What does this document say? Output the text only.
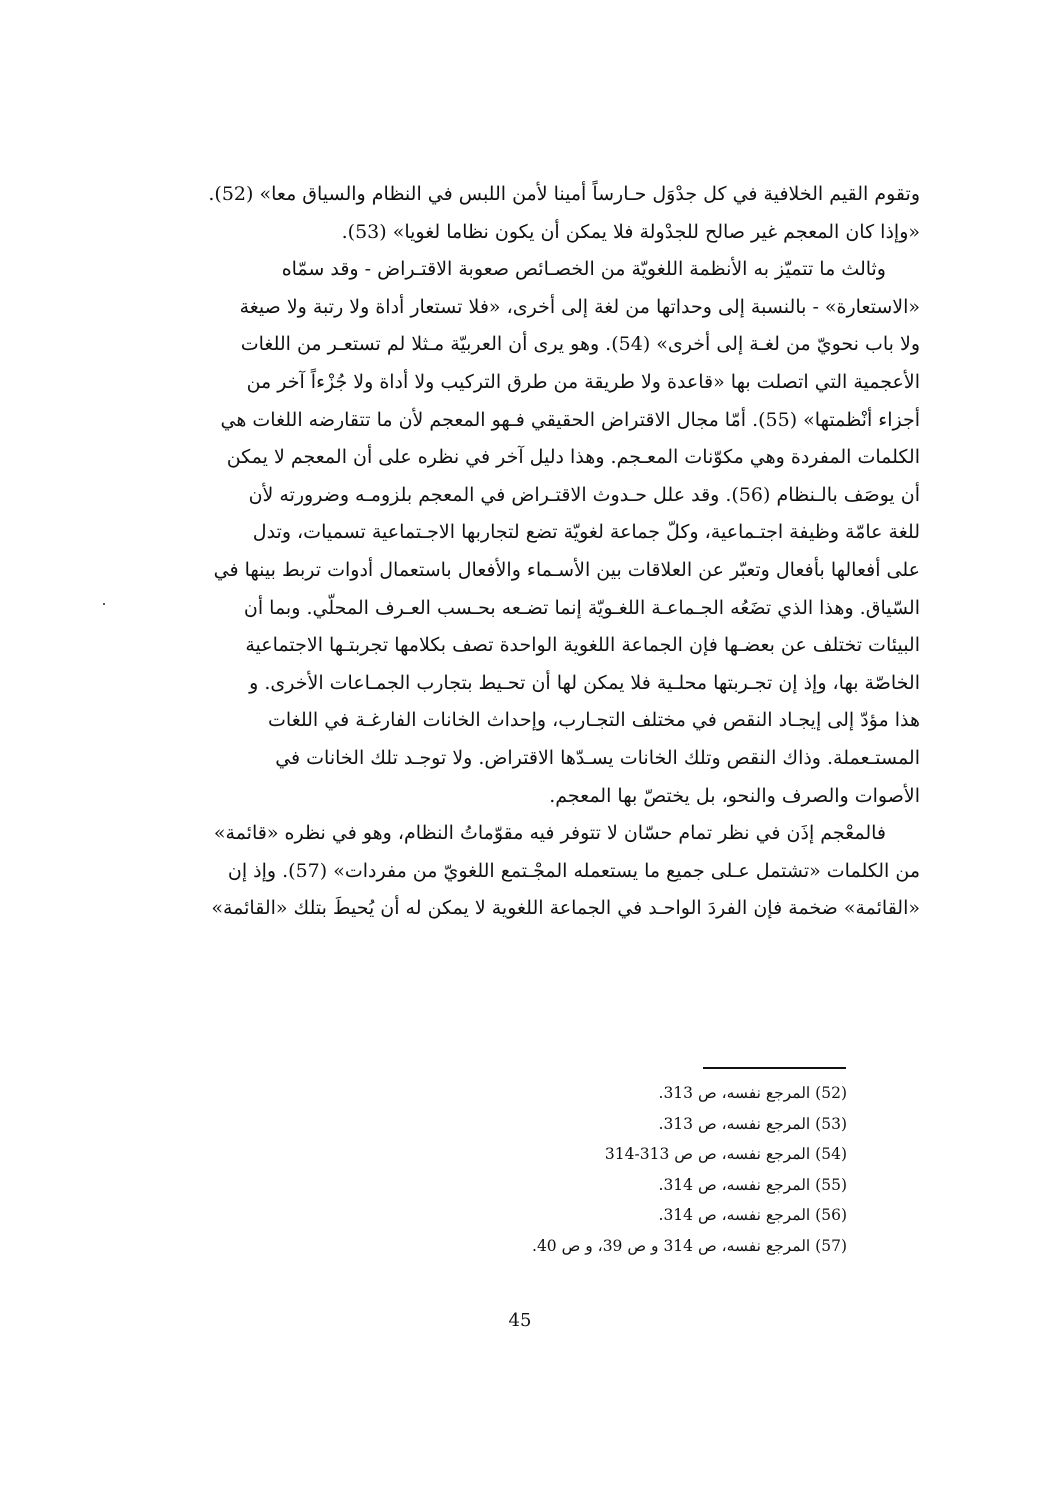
وتقوم القيم الخلافية في كل جدْوَل حـارساً أمينا لأمن اللبس في النظام والسياق معا» (52).
«وإذا كان المعجم غير صالح للجدْولة فلا يمكن أن يكون نظاما لغويا» (53).
وثالث ما تتميّز به الأنظمة اللغويّة من الخصـائص صعوبة الاقتـراض - وقد سمّاه
«الاستعارة» - بالنسبة إلى وحداتها من لغة إلى أخرى، «فلا تستعار أداة ولا رتبة ولا صيغة
ولا باب نحويّ من لغـة إلى أخرى» (54). وهو يرى أن العربيّة مـثلا لم تستعـر من اللغات
الأعجمية التي اتصلت بها «قاعدة ولا طريقة من طرق التركيب ولا أداة ولا جُزْءاً آخر من
أجزاء أنْظمتها» (55). أمّا مجال الاقتراض الحقيقي فـهو المعجم لأن ما تتقارضه اللغات هي
الكلمات المفردة وهي مكوّنات المعـجم. وهذا دليل آخر في نظره على أن المعجم لا يمكن
أن يوصَف بالـنظام (56). وقد علل حـدوث الاقتـراض في المعجم بلزومـه وضرورته لأن
للغة عامّة وظيفة اجتـماعية، وكلّ جماعة لغويّة تضع لتجاربها الاجـتماعية تسميات، وتدل
على أفعالها بأفعال وتعبّر عن العلاقات بين الأسـماء والأفعال باستعمال أدوات تربط بينها في
السّياق. وهذا الذي تضَعُه الجـماعـة اللغـويّة إنما تضـعه بحـسب العـرف المحلّي. وبما أن
البيئات تختلف عن بعضـها فإن الجماعة اللغوية الواحدة تصف بكلامها تجربتـها الاجتماعية
الخاصّة بها، وإذ إن تجـربتها محلـية فلا يمكن لها أن تحـيط بتجارب الجمـاعات الأخرى. و
هذا مؤدّ إلى إيجـاد النقص في مختلف التجـارب، وإحداث الخانات الفارغـة في اللغات
المستـعملة. وذاك النقص وتلك الخانات يسـدّها الاقتراض. ولا توجـد تلك الخانات في
الأصوات والصرف والنحو، بل يختصّ بها المعجم.
فالمعْجم إذَن في نظر تمام حسّان لا تتوفر فيه مقوّماتُ النظام، وهو في نظره «قائمة»
من الكلمات «تشتمل عـلى جميع ما يستعمله المجْـتمع اللغويّ من مفردات» (57). وإذ إن
«القائمة» ضخمة فإن الفردَ الواحـد في الجماعة اللغوية لا يمكن له أن يُحيطَ بتلك «القائمة»
(52) المرجع نفسه، ص 313.
(53) المرجع نفسه، ص 313.
(54) المرجع نفسه، ص ص 313-314
(55) المرجع نفسه، ص 314.
(56) المرجع نفسه، ص 314.
(57) المرجع نفسه، ص 314 و ص 39، و ص 40.
45
